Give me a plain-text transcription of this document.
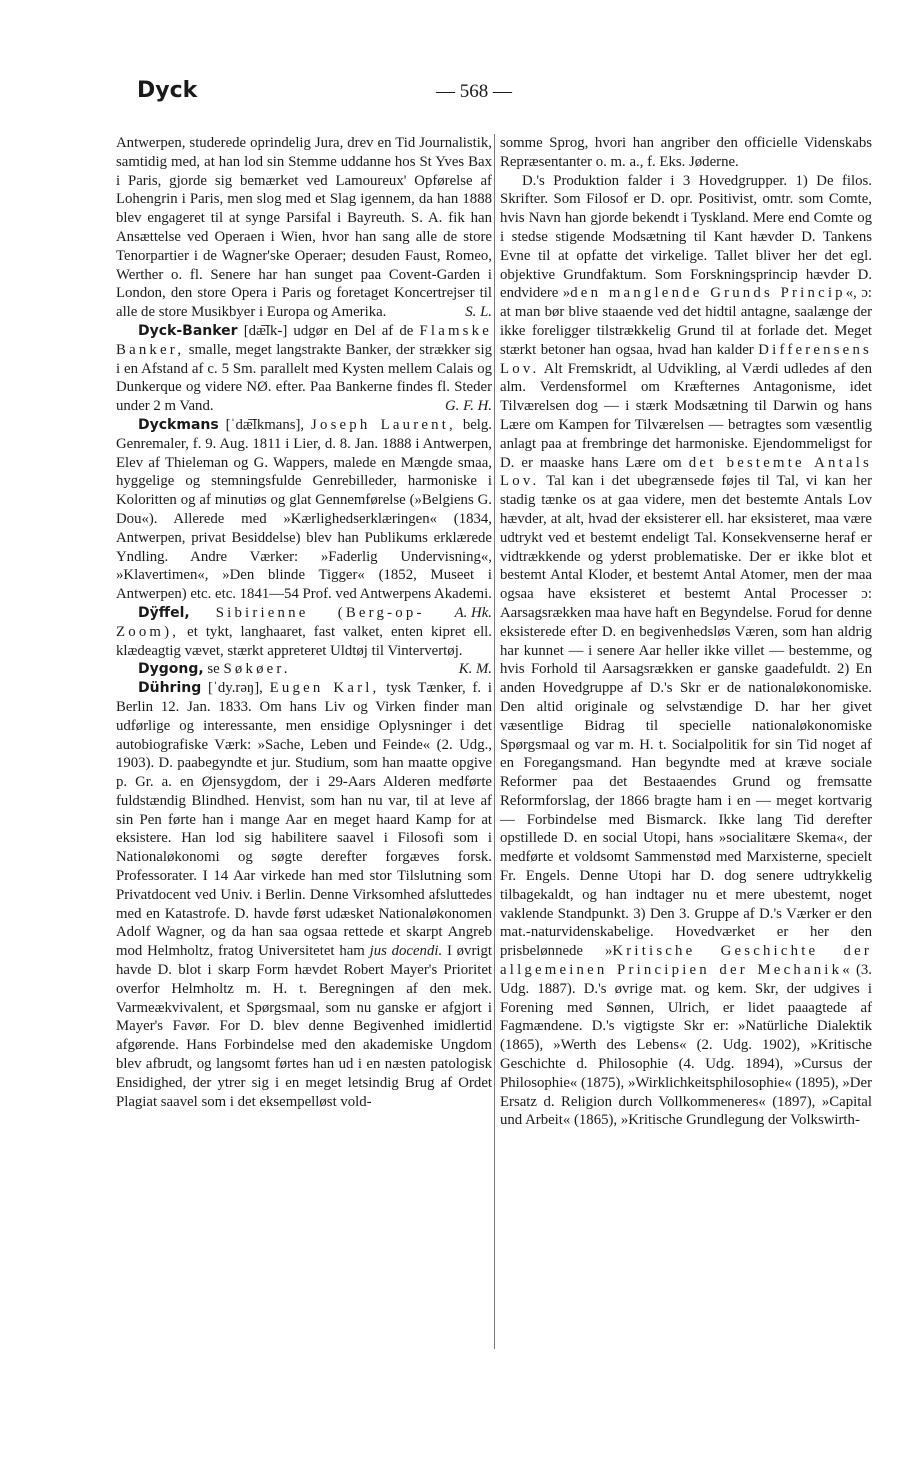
Dyck	— 568 —

Antwerpen, studerede oprindelig Jura, drev en Tid Journalistik, samtidig med, at han lod sin Stemme uddanne hos St Yves Bax i Paris, gjorde sig bemærket ved Lamoureux' Opførelse af Lohengrin i Paris, men slog med et Slag igennem, da han 1888 blev engageret til at synge Parsifal i Bayreuth. S. A. fik han Ansættelse ved Operaen i Wien, hvor han sang alle de store Tenorpartier i de Wagner'ske Operaer; desuden Faust, Romeo, Werther o. fl. Senere har han sunget paa Covent-Garden i London, den store Opera i Paris og foretaget Koncertrejser til alle de store Musikbyer i Europa og Amerika.	S. L.

Dyck-Banker [dæ͞lk-] udgør en Del af de Flamske Banker, smalle, meget langstrakte Banker, der strækker sig i en Afstand af c. 5 Sm. parallelt med Kysten mellem Calais og Dunkerque og videre NØ. efter. Paa Bankerne findes fl. Steder under 2 m Vand.	G. F. H.

Dyckmans [ˈdæ͞lkmans], Joseph Laurent, belg. Genremaler, f. 9. Aug. 1811 i Lier, d. 8. Jan. 1888 i Antwerpen, Elev af Thieleman og G. Wappers, malede en Mængde smaa, hyggelige og stemningsfulde Genrebilleder, harmoniske i Koloritten og af minutiøs og glat Gennemførelse (»Belgiens G. Dou«). Allerede med »Kærlighedserklæringen« (1834, Antwerpen, privat Besiddelse) blev han Publikums erklærede Yndling. Andre Værker: »Faderlig Undervisning«, »Klavertimen«, »Den blinde Tigger« (1852, Museet i Antwerpen) etc. etc. 1841—54 Prof. ved Antwerpens Akademi.
A. Hk.

Dÿffel, Sibirienne (Berg-op-Zoom), et tykt, langhaaret, fast valket, enten kipret ell. klædeagtig vævet, stærkt appreteret Uldtøj til Vintervertøj.
K. M.

Dygong, se Søkøer.

Dühring [ˈdy.rəŋ], Eugen Karl, tysk Tænker, f. i Berlin 12. Jan. 1833. Om hans Liv og Virken finder man udførlige og interessante, men ensidige Oplysninger i det autobiografiske Værk: »Sache, Leben und Feinde« (2. Udg., 1903). D. paabegyndte et jur. Studium, som han maatte opgive p. Gr. a. en Øjensygdom, der i 29-Aars Alderen medførte fuldstændig Blindhed. Henvist, som han nu var, til at leve af sin Pen førte han i mange Aar en meget haard Kamp for at eksistere. Han lod sig habilitere saavel i Filosofi som i Nationaløkonomi og søgte derefter forgæves forsk. Professorater. I 14 Aar virkede han med stor Tilslutning som Privatdocent ved Univ. i Berlin. Denne Virksomhed afsluttedes med en Katastrofe. D. havde først udæsket Nationaløkonomen Adolf Wagner, og da han saa ogsaa rettede et skarpt Angreb mod Helmholtz, fratog Universitetet ham jus docendi. I øvrigt havde D. blot i skarp Form hævdet Robert Mayer's Prioritet overfor Helmholtz m. H. t. Beregningen af den mek. Varmeækvivalent, et Spørgsmaal, som nu ganske er afgjort i Mayer's Favør. For D. blev denne Begivenhed imidlertid afgørende. Hans Forbindelse med den akademiske Ungdom blev afbrudt, og langsomt førtes han ud i en næsten patologisk Ensidighed, der ytrer sig i en meget letsindig Brug af Ordet Plagiat saavel som i det eksempelløst vold-

somme Sprog, hvori han angriber den officielle Videnskabs Repræsentanter o. m. a., f. Eks. Jøderne.

D.'s Produktion falder i 3 Hovedgrupper. 1) De filos. Skrifter. Som Filosof er D. opr. Positivist, omtr. som Comte, hvis Navn han gjorde bekendt i Tyskland. Mere end Comte og i stedse stigende Modsætning til Kant hævder D. Tankens Evne til at opfatte det virkelige. Tallet bliver her det egl. objektive Grundfaktum. Som Forskningsprincip hævder D. endvidere »den manglende Grunds Princip«, ɔ: at man bør blive staaende ved det hidtil antagne, saalænge der ikke foreligger tilstrækkelig Grund til at forlade det. Meget stærkt betoner han ogsaa, hvad han kalder Differensens Lov. Alt Fremskridt, al Udvikling, al Værdi udledes af den alm. Verdensformel om Kræfternes Antagonisme, idet Tilværelsen dog — i stærk Modsætning til Darwin og hans Lære om Kampen for Tilværelsen — betragtes som væsentlig anlagt paa at frembringe det harmoniske. Ejendommeligst for D. er maaske hans Lære om det bestemte Antals Lov. Tal kan i det ubegrænsede føjes til Tal, vi kan her stadig tænke os at gaa videre, men det bestemte Antals Lov hævder, at alt, hvad der eksisterer ell. har eksisteret, maa være udtrykt ved et bestemt endeligt Tal. Konsekvenserne heraf er vidtrækkende og yderst problematiske. Der er ikke blot et bestemt Antal Kloder, et bestemt Antal Atomer, men der maa ogsaa have eksisteret et bestemt Antal Processer ɔ: Aarsagsrækken maa have haft en Begyndelse. Forud for denne eksisterede efter D. en begivenhedsløs Væren, som han aldrig har kunnet — i senere Aar heller ikke villet — bestemme, og hvis Forhold til Aarsagsrækken er ganske gaadefuldt. 2) En anden Hovedgruppe af D.'s Skr er de nationaløkonomiske. Den altid originale og selvstændige D. har her givet væsentlige Bidrag til specielle nationaløkonomiske Spørgsmaal og var m. H. t. Socialpolitik for sin Tid noget af en Foregangsmand. Han begyndte med at kræve sociale Reformer paa det Bestaaendes Grund og fremsatte Reformforslag, der 1866 bragte ham i en — meget kortvarig — Forbindelse med Bismarck. Ikke lang Tid derefter opstillede D. en social Utopi, hans »socialitære Skema«, der medførte et voldsomt Sammenstød med Marxisterne, specielt Fr. Engels. Denne Utopi har D. dog senere udtrykkelig tilbagekaldt, og han indtager nu et mere ubestemt, noget vaklende Standpunkt. 3) Den 3. Gruppe af D.'s Værker er den mat.-naturvidenskabelige. Hovedværket er her den prisbelønnede »Kritische Geschichte der allgemeinen Principien der Mechanik« (3. Udg. 1887). D.'s øvrige mat. og kem. Skr, der udgives i Forening med Sønnen, Ulrich, er lidet paaagtede af Fagmændene. D.'s vigtigste Skr er: »Natürliche Dialektik (1865), »Werth des Lebens« (2. Udg. 1902), »Kritische Geschichte d. Philosophie (4. Udg. 1894), »Cursus der Philosophie« (1875), »Wirklichkeitsphilosophie« (1895), »Der Ersatz d. Religion durch Vollkommeneres« (1897), »Capital und Arbeit« (1865), »Kritische Grundlegung der Volkswirth-
